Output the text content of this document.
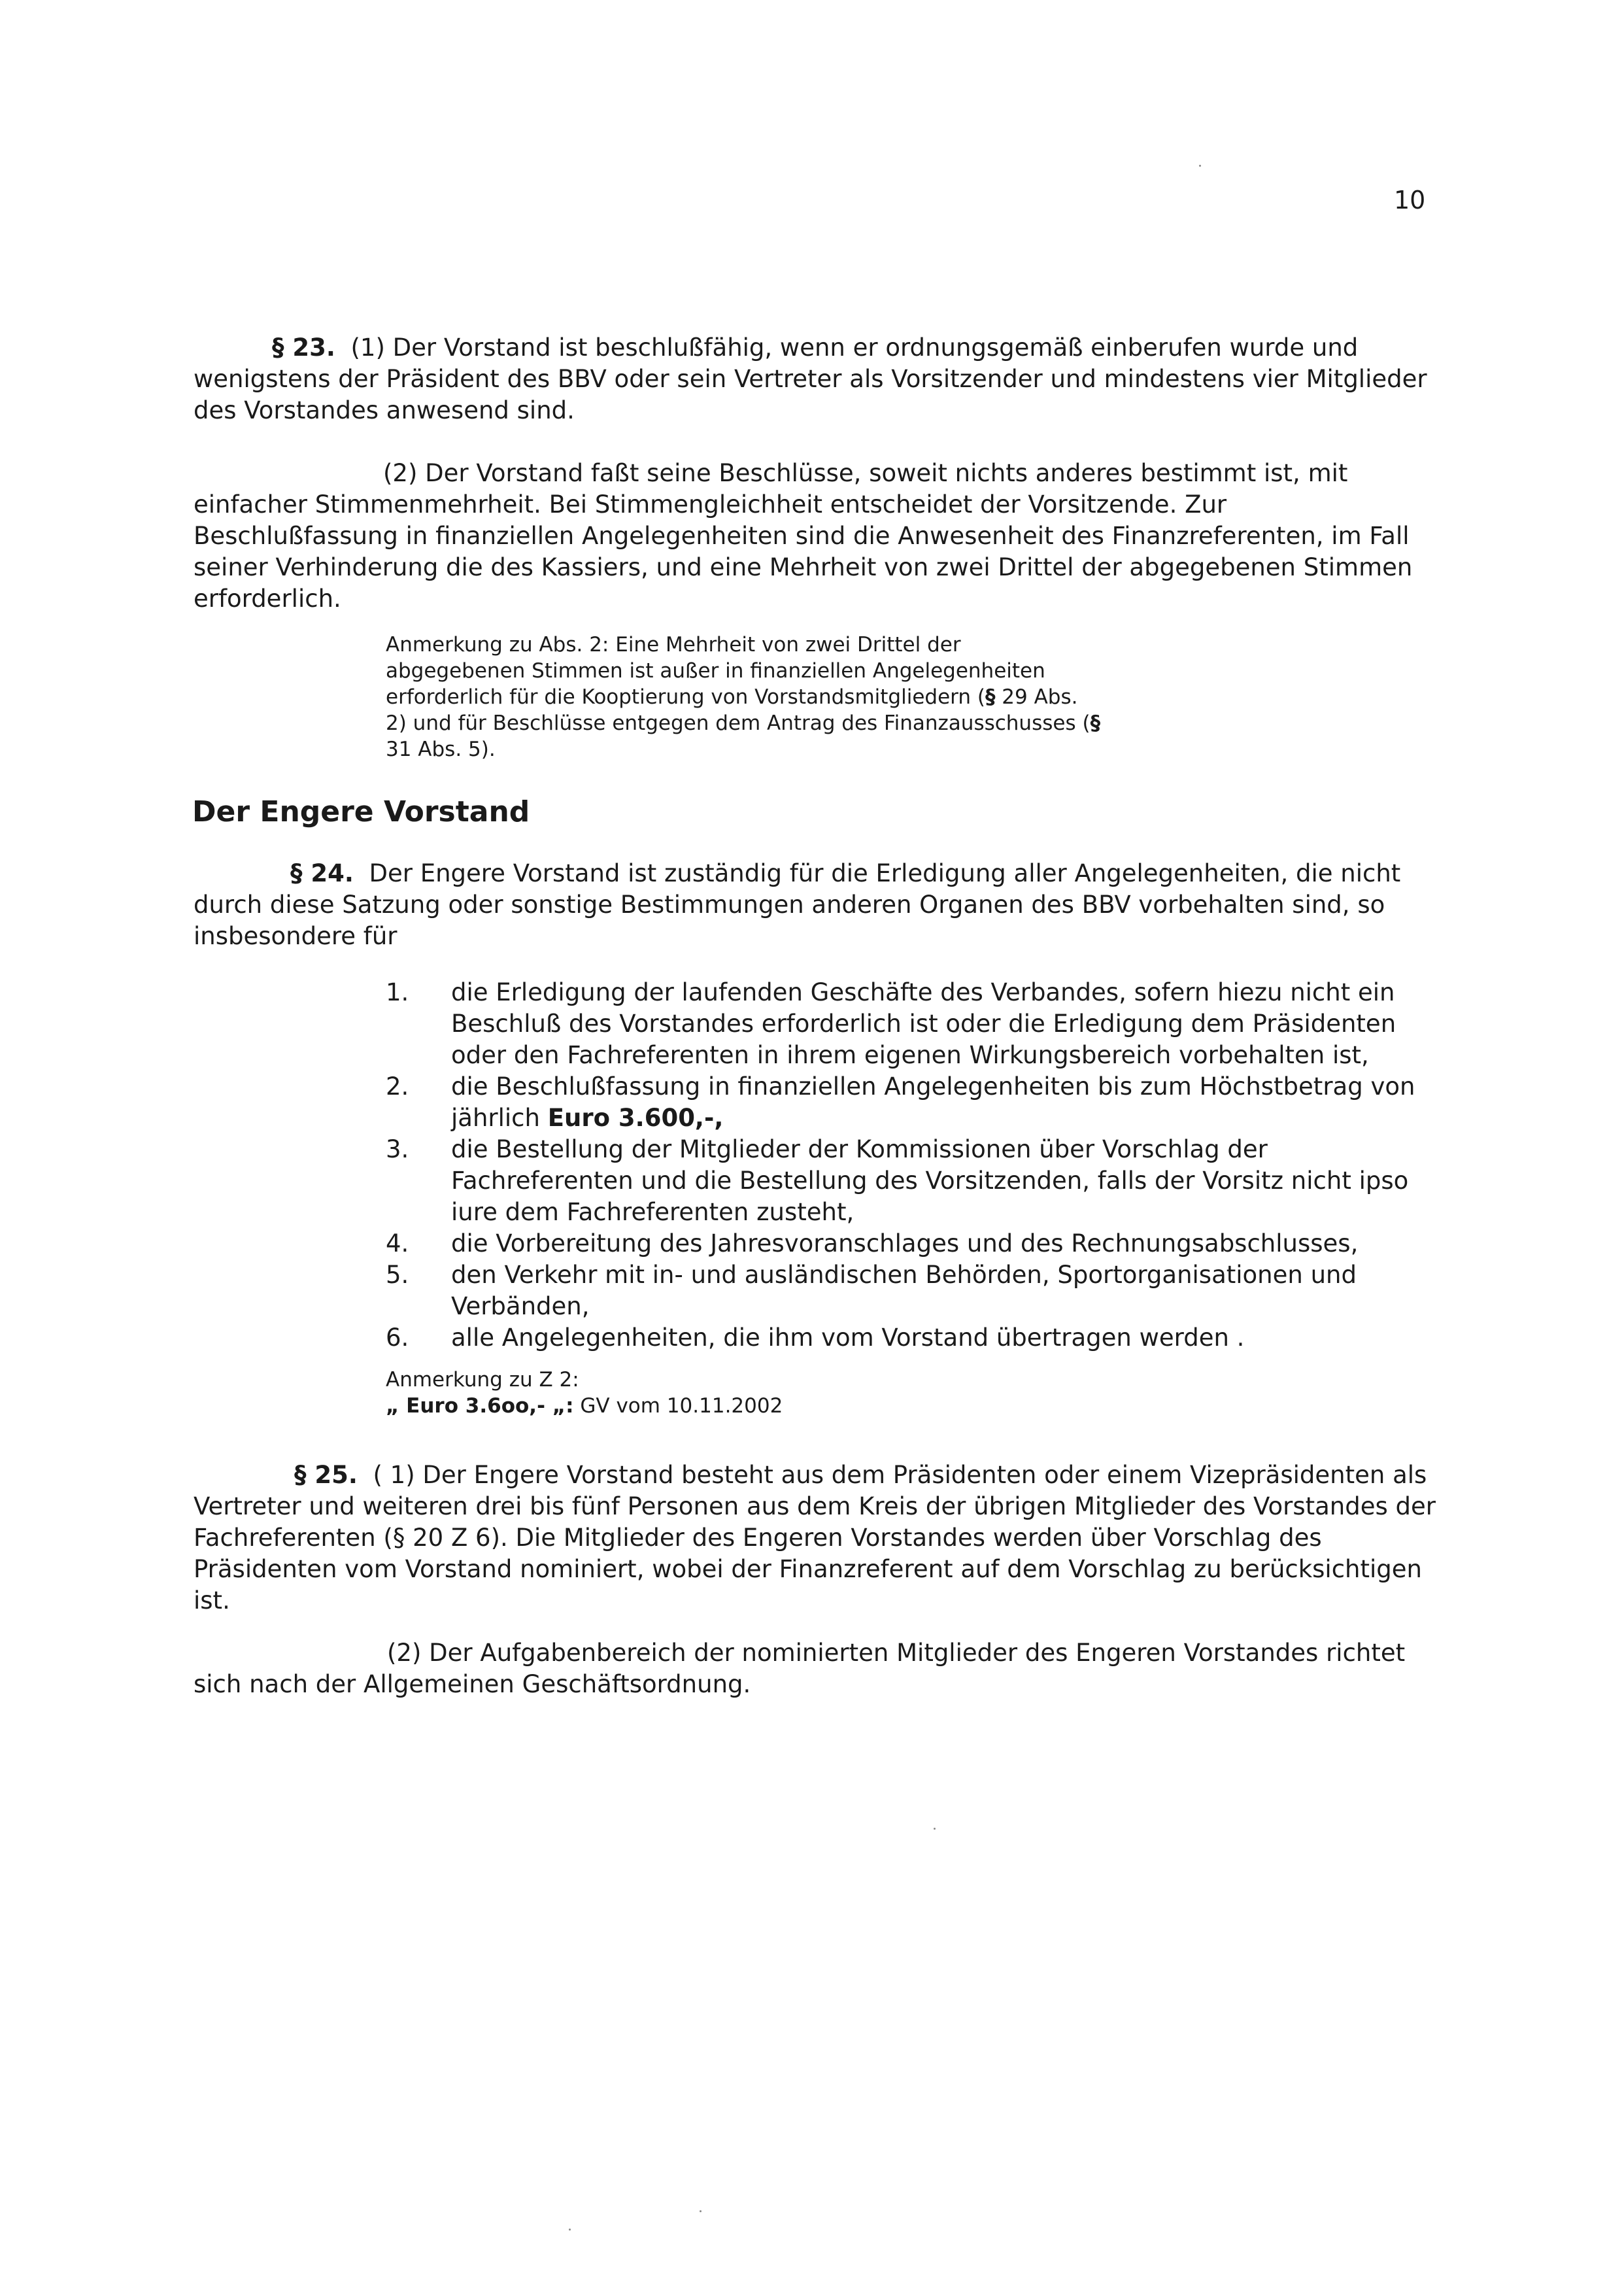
10

§ 23. (1) Der Vorstand ist beschlußfähig, wenn er ordnungsgemäß einberufen wurde und wenigstens der Präsident des BBV oder sein Vertreter als Vorsitzender und mindestens vier Mitglieder des Vorstandes anwesend sind.

(2) Der Vorstand faßt seine Beschlüsse, soweit nichts anderes bestimmt ist, mit einfacher Stimmenmehrheit. Bei Stimmengleichheit entscheidet der Vorsitzende. Zur Beschlußfassung in finanziellen Angelegenheiten sind die Anwesenheit des Finanzreferenten, im Fall seiner Verhinderung die des Kassiers, und eine Mehrheit von zwei Drittel der abgegebenen Stimmen erforderlich.

Anmerkung zu Abs. 2: Eine Mehrheit von zwei Drittel der abgegebenen Stimmen ist außer in finanziellen Angelegenheiten erforderlich für die Kooptierung von Vorstandsmitgliedern (§ 29 Abs. 2) und für Beschlüsse entgegen dem Antrag des Finanzausschusses (§ 31 Abs. 5).
Der Engere Vorstand

§ 24. Der Engere Vorstand ist zuständig für die Erledigung aller Angelegenheiten, die nicht durch diese Satzung oder sonstige Bestimmungen anderen Organen des BBV vorbehalten sind, so insbesondere für

1. die Erledigung der laufenden Geschäfte des Verbandes, sofern hiezu nicht ein Beschluß des Vorstandes erforderlich ist oder die Erledigung dem Präsidenten oder den Fachreferenten in ihrem eigenen Wirkungsbereich vorbehalten ist,
2. die Beschlußfassung in finanziellen Angelegenheiten bis zum Höchstbetrag von jährlich Euro 3.600,-,
3. die Bestellung der Mitglieder der Kommissionen über Vorschlag der Fachreferenten und die Bestellung des Vorsitzenden, falls der Vorsitz nicht ipso iure dem Fachreferenten zusteht,
4. die Vorbereitung des Jahresvoranschlages und des Rechnungsabschlusses,
5. den Verkehr mit in- und ausländischen Behörden, Sportorganisationen und Verbänden,
6. alle Angelegenheiten, die ihm vom Vorstand übertragen werden .
Anmerkung zu Z 2:
„ Euro 3.6oo,- „: GV vom 10.11.2002

§ 25. ( 1) Der Engere Vorstand besteht aus dem Präsidenten oder einem Vizepräsidenten als Vertreter und weiteren drei bis fünf Personen aus dem Kreis der übrigen Mitglieder des Vorstandes der Fachreferenten (§ 20 Z 6). Die Mitglieder des Engeren Vorstandes werden über Vorschlag des Präsidenten vom Vorstand nominiert, wobei der Finanzreferent auf dem Vorschlag zu berücksichtigen ist.

(2) Der Aufgabenbereich der nominierten Mitglieder des Engeren Vorstandes richtet sich nach der Allgemeinen Geschäftsordnung.
